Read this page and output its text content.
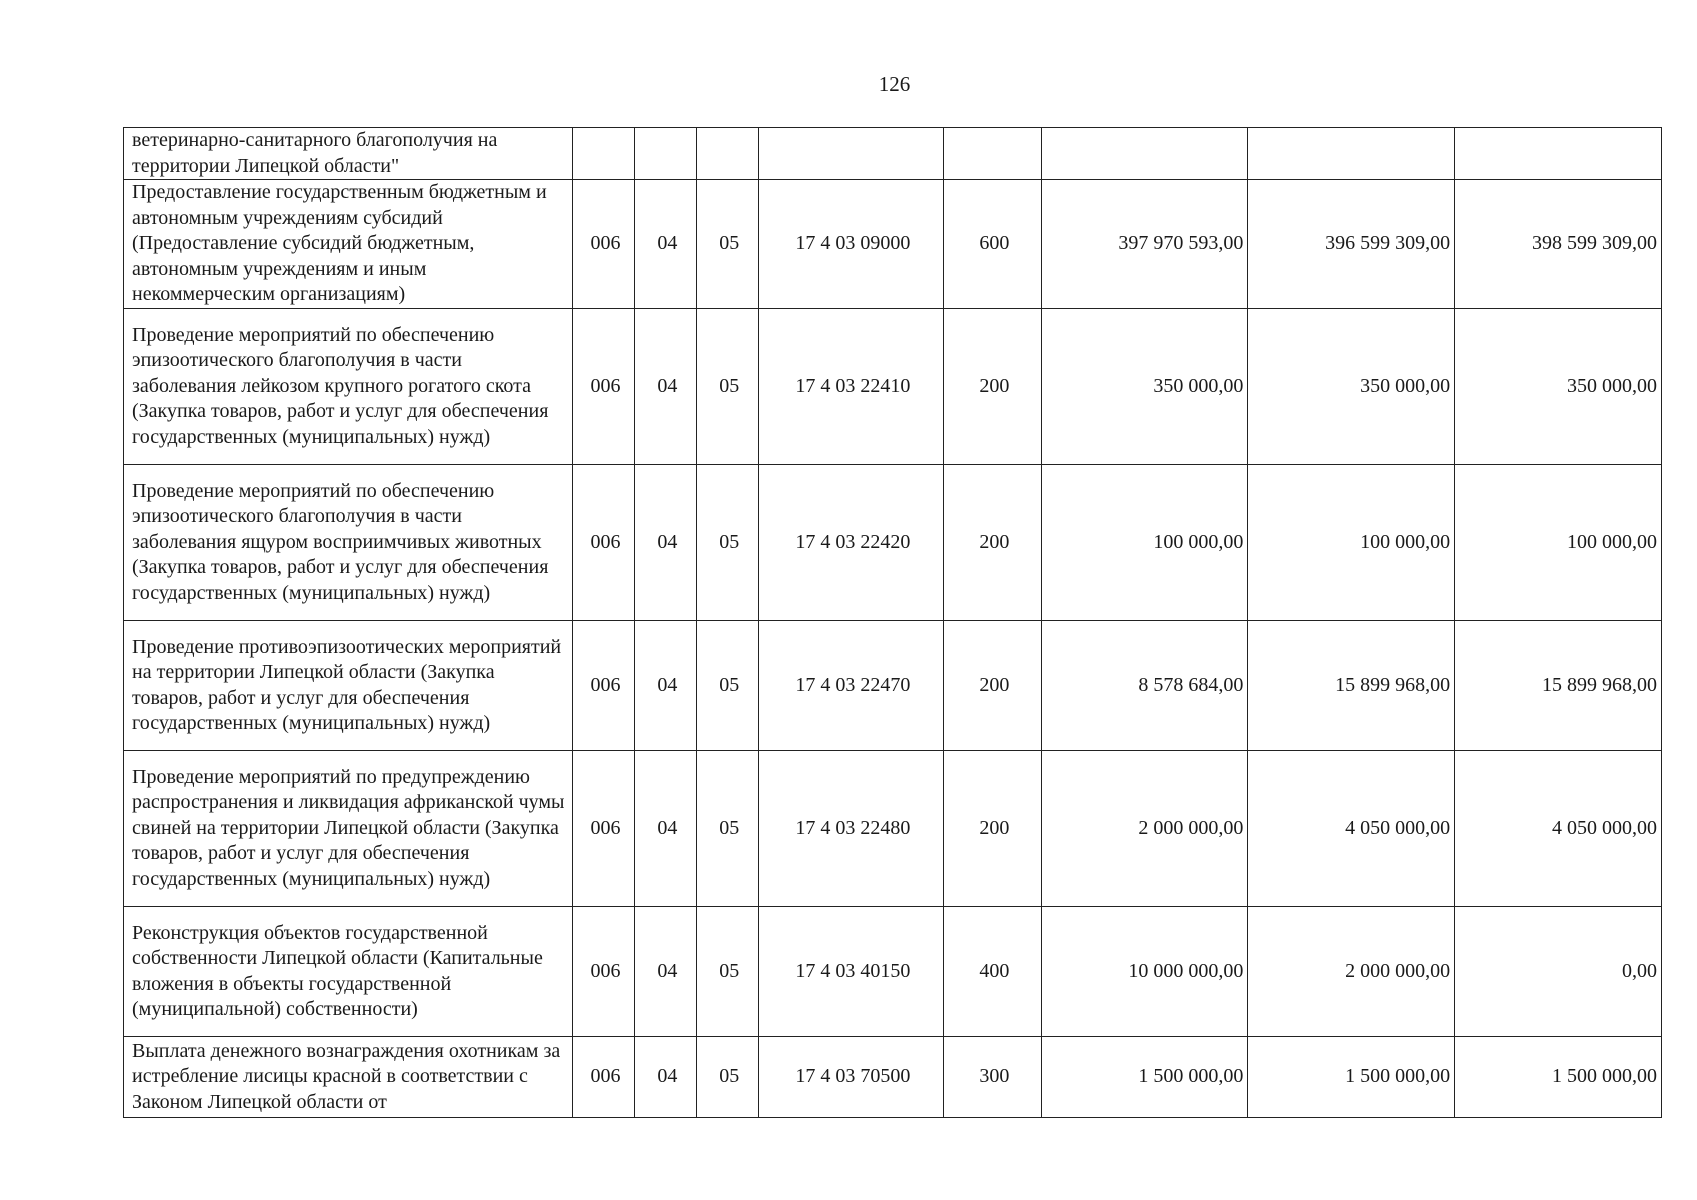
126
ветеринарно-санитарного благополучия на территории Липецкой области"								
Предоставление государственным бюджетным и автономным учреждениям субсидий (Предоставление субсидий бюджетным, автономным учреждениям и иным некоммерческим организациям)	006	04	05	17 4 03 09000	600	397 970 593,00	396 599 309,00	398 599 309,00
Проведение мероприятий по обеспечению эпизоотического благополучия в части заболевания лейкозом крупного рогатого скота (Закупка товаров, работ и услуг для обеспечения государственных (муниципальных) нужд)	006	04	05	17 4 03 22410	200	350 000,00	350 000,00	350 000,00
Проведение мероприятий по обеспечению эпизоотического благополучия в части заболевания ящуром восприимчивых животных (Закупка товаров, работ и услуг для обеспечения государственных (муниципальных) нужд)	006	04	05	17 4 03 22420	200	100 000,00	100 000,00	100 000,00
Проведение противоэпизоотических мероприятий на территории Липецкой области (Закупка товаров, работ и услуг для обеспечения государственных (муниципальных) нужд)	006	04	05	17 4 03 22470	200	8 578 684,00	15 899 968,00	15 899 968,00
Проведение мероприятий по предупреждению распространения и ликвидация африканской чумы свиней на территории Липецкой области (Закупка товаров, работ и услуг для обеспечения государственных (муниципальных) нужд)	006	04	05	17 4 03 22480	200	2 000 000,00	4 050 000,00	4 050 000,00
Реконструкция объектов государственной собственности Липецкой области (Капитальные вложения в объекты государственной (муниципальной) собственности)	006	04	05	17 4 03 40150	400	10 000 000,00	2 000 000,00	0,00
Выплата денежного вознаграждения охотникам за истребление лисицы красной в соответствии с Законом Липецкой области от	006	04	05	17 4 03 70500	300	1 500 000,00	1 500 000,00	1 500 000,00
